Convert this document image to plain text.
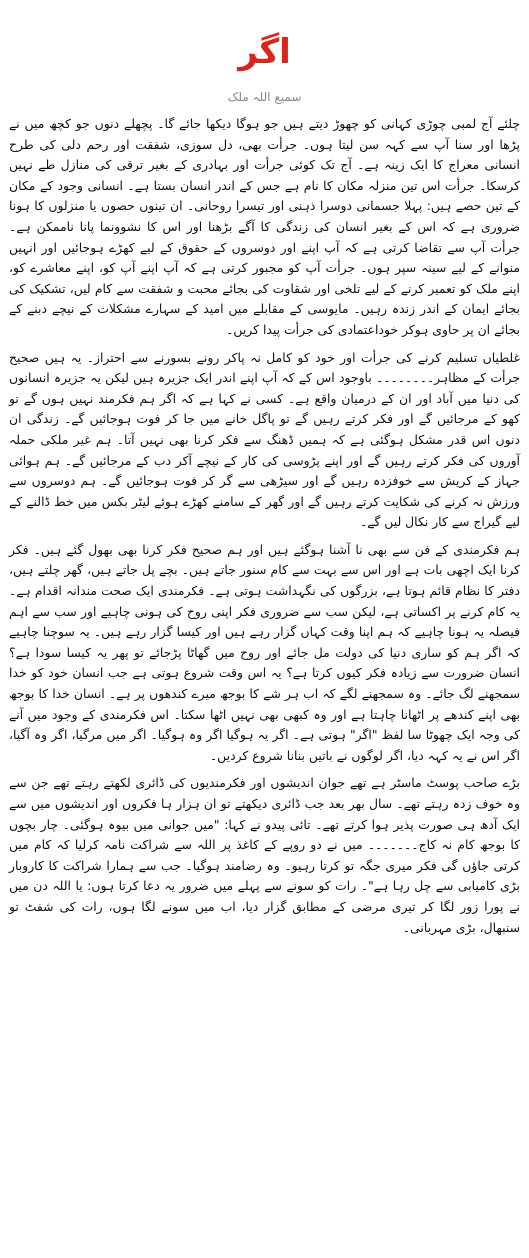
اگر
سمیع اللہ ملک

چلئے آج لمبی چوڑی کہانی کو چھوڑ دیتے ہیں جو ہوگا دیکھا جائے گا۔ پچھلے دنوں جو کچھ میں نے پڑھا اور سنا آپ سے کہہ سن لیتا ہوں۔ جرأت بھی، دل سوزی، شفقت اور رحم دلی کی طرح انسانی معراج کا ایک زینہ ہے۔ آج تک کوئی جرأت اور بہادری کے بغیر ترقی کی منازل طے نہیں کرسکا۔ جرأت اس تین منزلہ مکان کا نام ہے جس کے اندر انسان بستا ہے۔ انسانی وجود کے مکان کے تین حصے ہیں: پہلا جسمانی دوسرا ذہنی اور تیسرا روحانی۔ ان تینوں حصوں یا منزلوں کا ہونا ضروری ہے کہ اس کے بغیر انسان کی زندگی کا آگے بڑھنا اور اس کا نشوونما پانا ناممکن ہے۔ جرأت آپ سے تقاضا کرتی ہے کہ آپ اپنے اور دوسروں کے حقوق کے لیے کھڑے ہوجائیں اور انہیں منوانے کے لیے سینہ سپر ہوں۔ جرأت آپ کو مجبور کرتی ہے کہ آپ اپنے آپ کو، اپنے معاشرے کو، اپنے ملک کو تعمیر کرنے کے لیے تلخی اور شقاوت کی بجائے محبت و شفقت سے کام لیں، تشکیک کی بجائے ایمان کے اندر زندہ رہیں۔ مایوسی کے مقابلے میں امید کے سہارے مشکلات کے نیچے دبنے کے بجائے ان پر حاوی ہوکر خوداعتمادی کی جرأت پیدا کریں۔

غلطیاں تسلیم کرنے کی جرأت اور خود کو کامل نہ پاکر رونے بسورنے سے احتراز۔ یہ ہیں صحیح جرأت کے مظاہر۔۔۔۔۔۔۔۔ باوجود اس کے کہ آپ اپنے اندر ایک جزیرہ ہیں لیکن یہ جزیرہ انسانوں کی دنیا میں آباد اور ان کے درمیان واقع ہے۔ کسی نے کہا ہے کہ اگر ہم فکرمند نہیں ہوں گے تو کھو کے مرجائیں گے اور فکر کرتے رہیں گے تو پاگل خانے میں جا کر فوت ہوجائیں گے۔ زندگی ان دنوں اس قدر مشکل ہوگئی ہے کہ ہمیں ڈھنگ سے فکر کرنا بھی نہیں آتا۔ ہم غیر ملکی حملہ آوروں کی فکر کرتے رہیں گے اور اپنے پڑوسی کی کار کے نیچے آکر دب کے مرجائیں گے۔ ہم ہوائی جہاز کے کریش سے خوفزدہ رہیں گے اور سیڑھی سے گر کر فوت ہوجائیں گے۔ ہم دوسروں سے ورزش نہ کرنے کی شکایت کرتے رہیں گے اور گھر کے سامنے کھڑے ہوئے لیٹر بکس میں خط ڈالنے کے لیے گیراج سے کار نکال لیں گے۔

ہم فکرمندی کے فن سے بھی نا آشنا ہوگئے ہیں اور ہم صحیح فکر کرنا بھی بھول گئے ہیں۔ فکر کرنا ایک اچھی بات ہے اور اس سے بہت سے کام سنور جاتے ہیں۔ بچے پل جاتے ہیں، گھر چلتے ہیں، دفتر کا نظام قائم ہوتا ہے، بزرگوں کی نگہداشت ہوتی ہے۔ فکرمندی ایک صحت مندانہ اقدام ہے۔ یہ کام کرنے پر اکساتی ہے، لیکن سب سے ضروری فکر اپنی روح کی ہونی چاہیے اور سب سے اہم فیصلہ یہ ہونا چاہیے کہ ہم اپنا وقت کہاں گزار رہے ہیں اور کیسا گزار رہے ہیں۔ یہ سوچنا چاہیے کہ اگر ہم کو ساری دنیا کی دولت مل جائے اور روح میں گھاٹا پڑجائے تو پھر یہ کیسا سودا ہے؟ انسان ضرورت سے زیادہ فکر کیوں کرتا ہے؟ یہ اس وقت شروع ہوتی ہے جب انسان خود کو خدا سمجھنے لگ جائے۔ وہ سمجھنے لگے کہ اب ہر شے کا بوجھ میرے کندھوں پر ہے۔ انسان خدا کا بوجھ بھی اپنے کندھے پر اٹھانا چاہتا ہے اور وہ کبھی بھی نہیں اٹھا سکتا۔ اس فکرمندی کے وجود میں آنے کی وجہ ایک چھوٹا سا لفظ "اگر" ہوتی ہے۔ اگر یہ ہوگیا اگر وہ ہوگیا۔ اگر میں مرگیا، اگر وہ آگیا، اگر اس نے یہ کہہ دیا، اگر لوگوں نے باتیں بنانا شروع کردیں۔

بڑے صاحب پوسٹ ماسٹر ہے تھے جوان اندیشوں اور فکرمندیوں کی ڈائری لکھتے رہتے تھے جن سے وہ خوف زدہ رہتے تھے۔ سال بھر بعد جب ڈائری دیکھتے تو ان ہزار ہا فکروں اور اندیشوں میں سے ایک آدھ ہی صورت پذیر ہوا کرتے تھے۔ تائی پیدو نے کہا: "میں جوانی میں بیوہ ہوگئی۔ چار بچوں کا بوجھ کام نہ کاج۔۔۔۔۔۔۔ میں نے دو روپے کے کاغذ پر اللہ سے شراکت نامہ کرلیا کہ کام میں کرتی جاؤں گی فکر میری جگہ تو کرتا رہیو۔ وہ رضامند ہوگیا۔ جب سے ہمارا شراکت کا کاروبار بڑی کامیابی سے چل رہا ہے"۔ رات کو سونے سے پہلے میں ضرور یہ دعا کرتا ہوں: یا اللہ دن میں نے پورا زور لگا کر تیری مرضی کے مطابق گزار دیا، اب میں سونے لگا ہوں، رات کی شفٹ تو سنبھال، بڑی مہربانی۔
